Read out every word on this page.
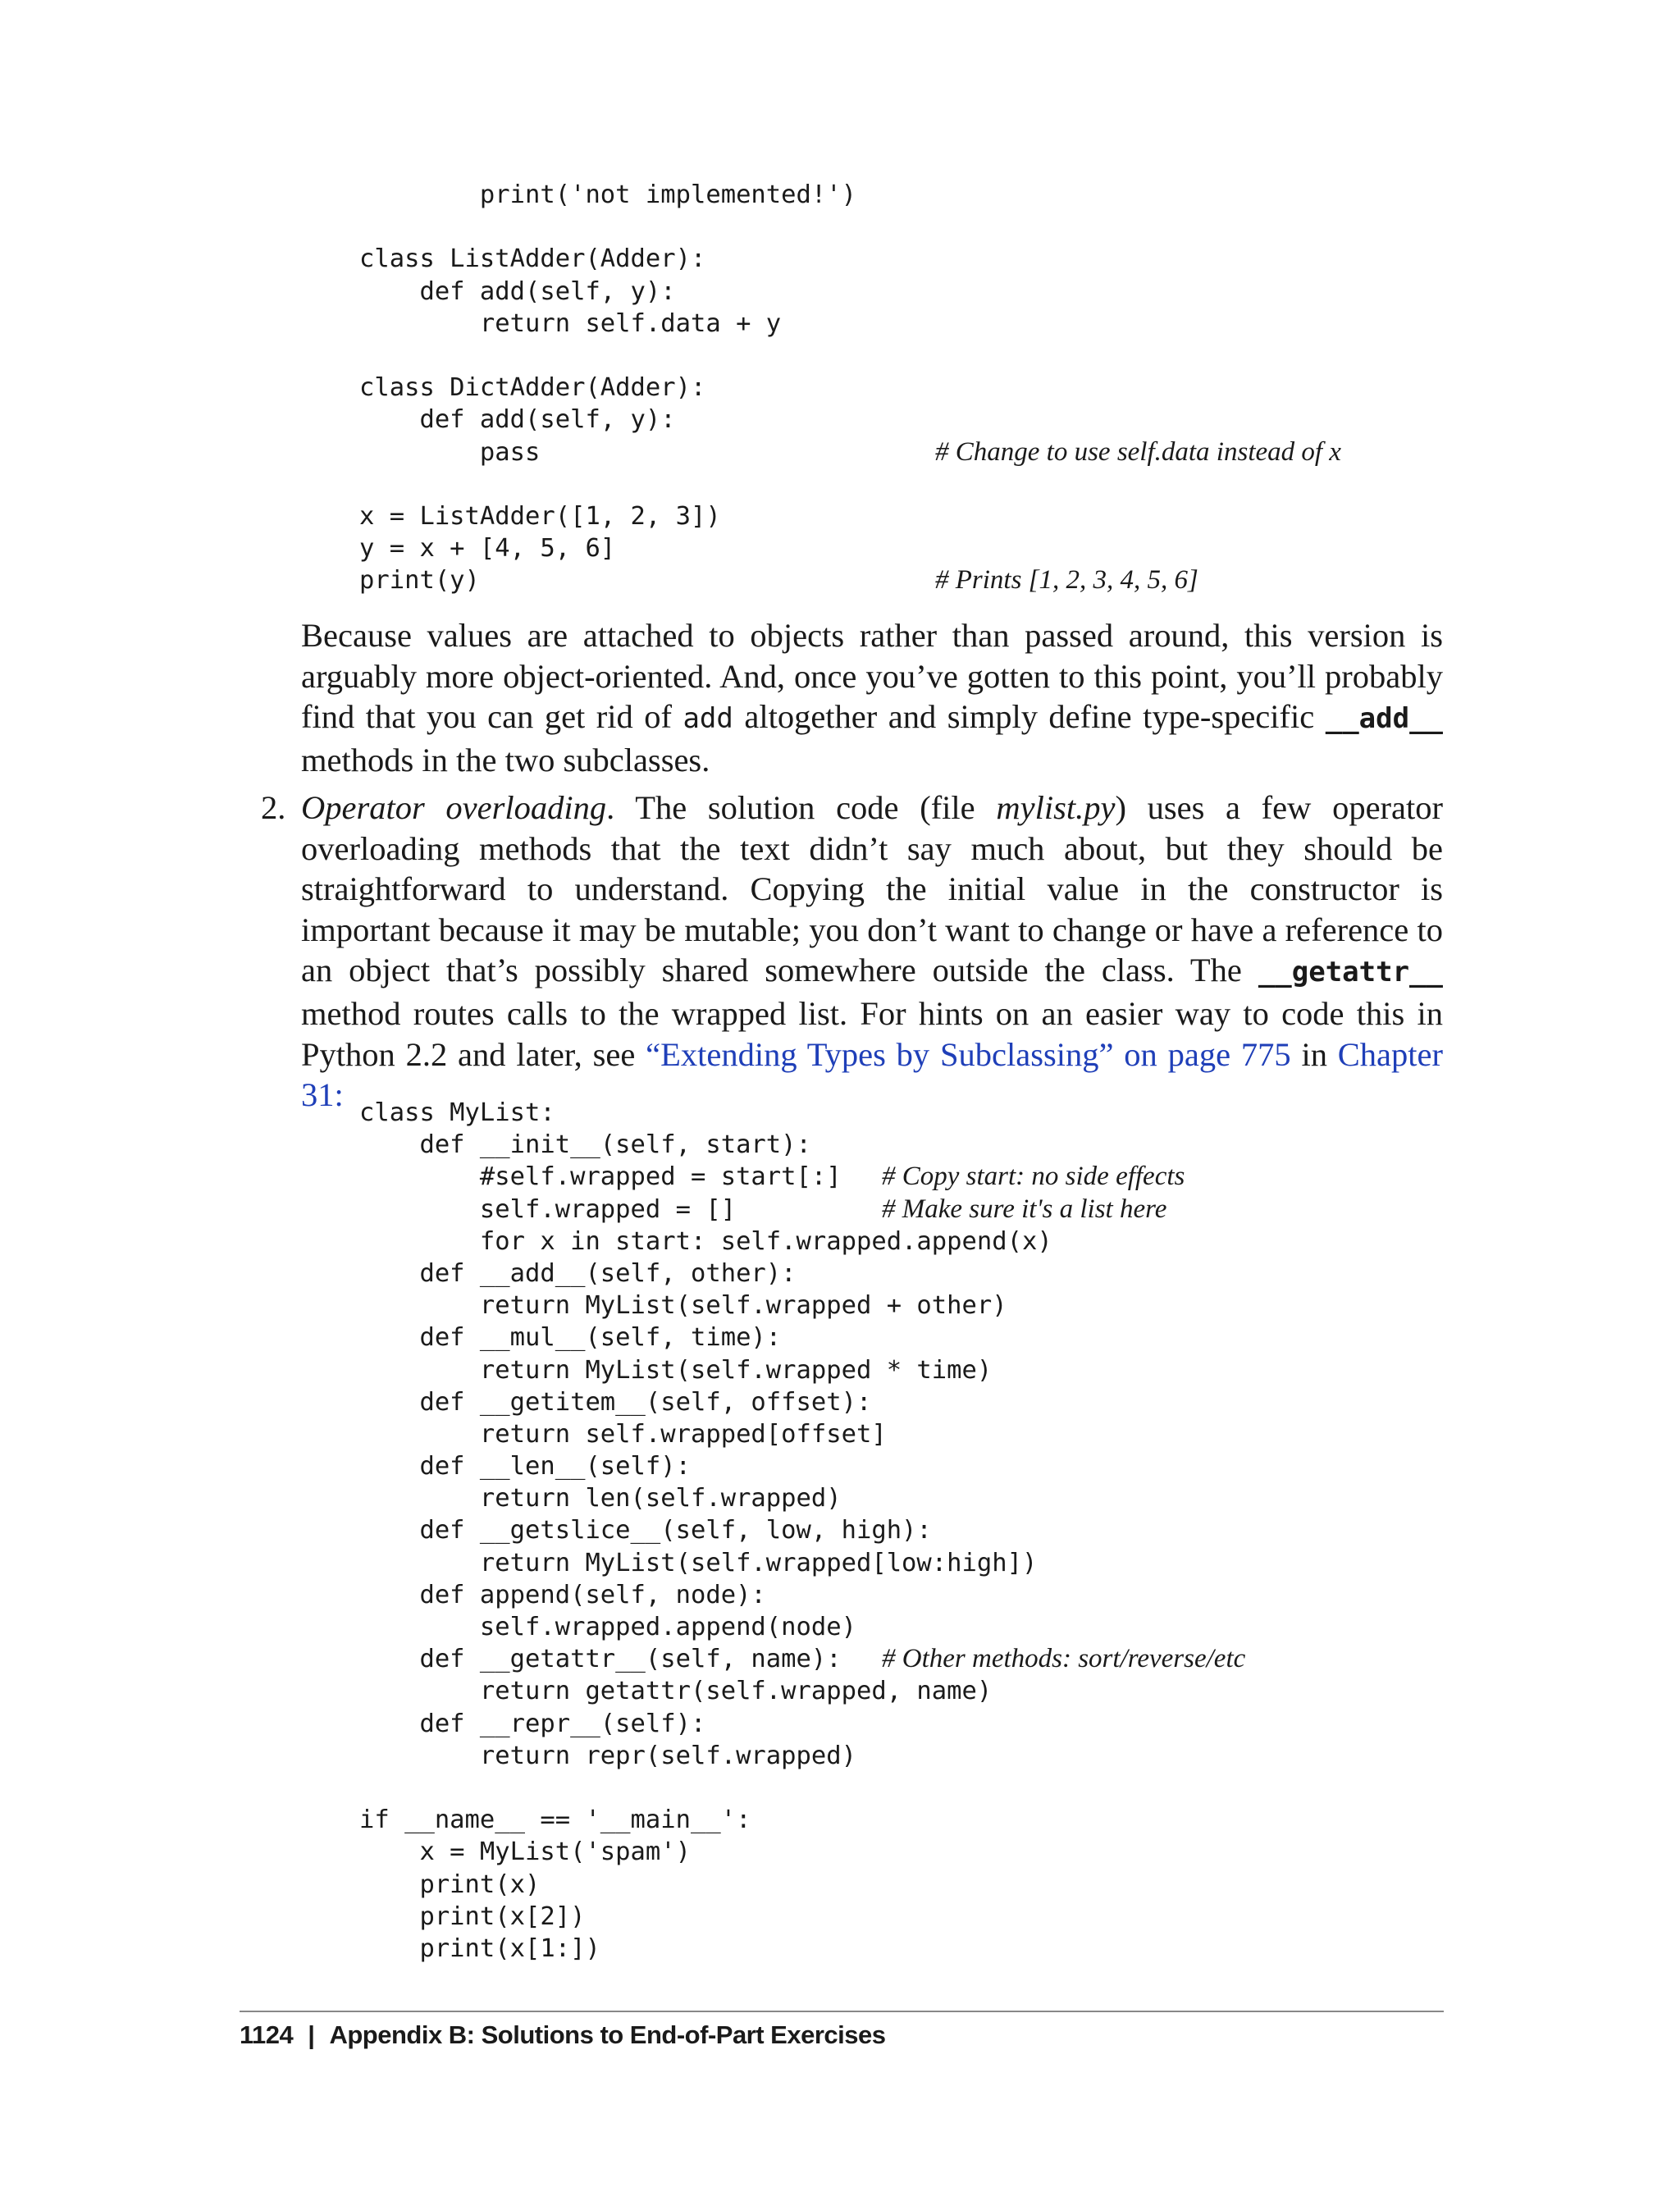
print('not implemented!')
class ListAdder(Adder):
def add(self, y):
return self.data + y
class DictAdder(Adder):
def add(self, y):
pass	# Change to use self.data instead of x
x = ListAdder([1, 2, 3])
y = x + [4, 5, 6]
print(y)	# Prints [1, 2, 3, 4, 5, 6]

Because values are attached to objects rather than passed around, this version is arguably more object-oriented. And, once you’ve gotten to this point, you’ll probably find that you can get rid of add altogether and simply define type-specific __add__ methods in the two subclasses.

2. Operator overloading. The solution code (file mylist.py) uses a few operator overloading methods that the text didn’t say much about, but they should be straightforward to understand. Copying the initial value in the constructor is important because it may be mutable; you don’t want to change or have a reference to an object that’s possibly shared somewhere outside the class. The __getattr__ method routes calls to the wrapped list. For hints on an easier way to code this in Python 2.2 and later, see “Extending Types by Subclassing” on page 775 in Chapter 31: class MyList:
def __init__(self, start):
#self.wrapped = start[:] # Copy start: no side effects
self.wrapped = []	# Make sure it's a list here
for x in start: self.wrapped.append(x)
def __add__(self, other):
return MyList(self.wrapped + other)
def __mul__(self, time):
return MyList(self.wrapped * time)
def __getitem__(self, offset):
return self.wrapped[offset]
def __len__(self):
return len(self.wrapped)
def __getslice__(self, low, high):
return MyList(self.wrapped[low:high])
def append(self, node):
self.wrapped.append(node)
def __getattr__(self, name): # Other methods: sort/reverse/etc
return getattr(self.wrapped, name)
def __repr__(self):
return repr(self.wrapped)
if __name__ == '__main__':
x = MyList('spam')
print(x)
print(x[2])
print(x[1:])
1124 | Appendix B: Solutions to End-of-Part Exercises
